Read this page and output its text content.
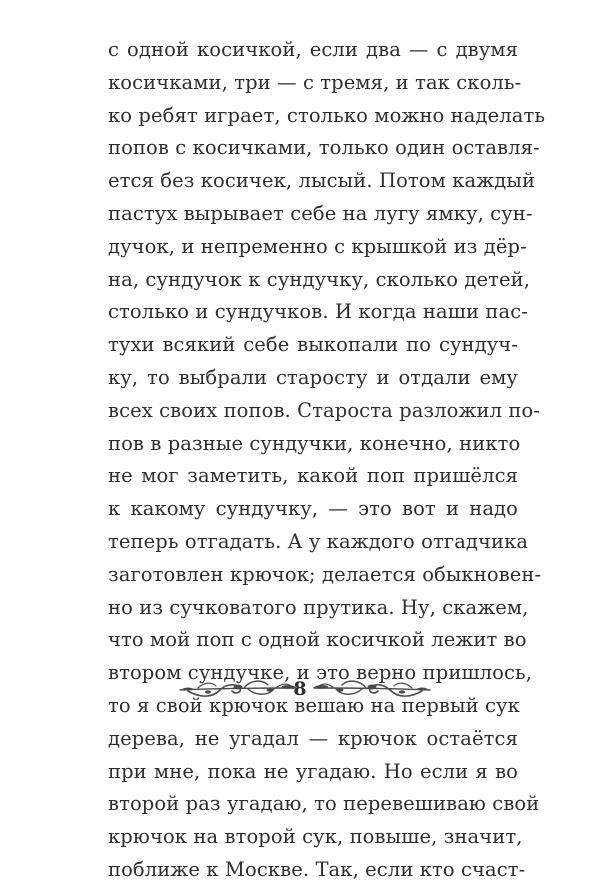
с одной косичкой, если два — с двумя
косичками, три — с тремя, и так сколь-
ко ребят играет, столько можно наделать
попов с косичками, только один оставля-
ется без косичек, лысый. Потом каждый
пастух вырывает себе на лугу ямку, сун-
дучок, и непременно с крышкой из дёр-
на, сундучок к сундучку, сколько детей,
столько и сундучков. И когда наши пас-
тухи всякий себе выкопали по сундуч-
ку, то выбрали старосту и отдали ему
всех своих попов. Староста разложил по-
пов в разные сундучки, конечно, никто
не мог заметить, какой поп пришёлся
к какому сундучку, — это вот и надо
теперь отгадать. А у каждого отгадчика
заготовлен крючок; делается обыкновен-
но из сучковатого прутика. Ну, скажем,
что мой поп с одной косичкой лежит во
втором сундучке, и это верно пришлось,
то я свой крючок вешаю на первый сук
дерева, не угадал — крючок остаётся
при мне, пока не угадаю. Но если я во
второй раз угадаю, то перевешиваю свой
крючок на второй сук, повыше, значит,
поближе к Москве. Так, если кто счаст-
8
